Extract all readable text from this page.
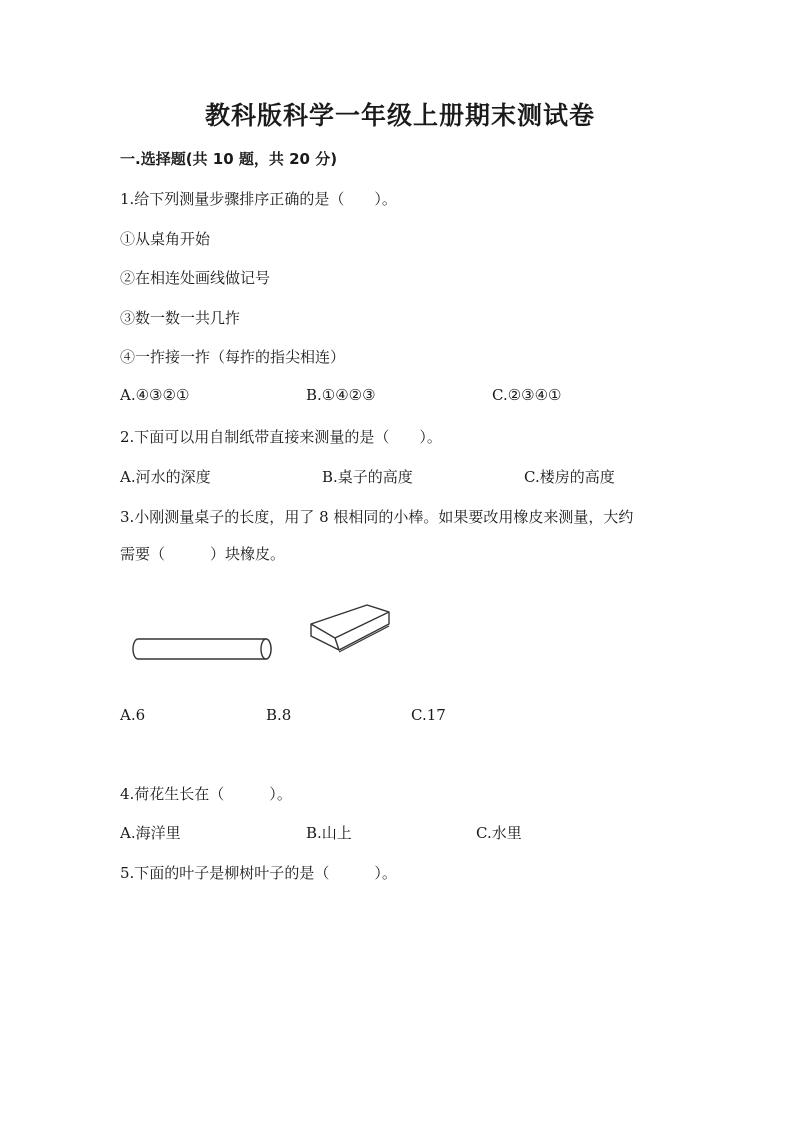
教科版科学一年级上册期末测试卷
一.选择题(共 10 题，共 20 分)
1.给下列测量步骤排序正确的是（　　）。
①从桌角开始
②在相连处画线做记号
③数一数一共几拃
④一拃接一拃（每拃的指尖相连）
A.④③②①	B.①④②③	C.②③④①
2.下面可以用自制纸带直接来测量的是（　　）。
A.河水的深度	B.桌子的高度	C.楼房的高度
3.小刚测量桌子的长度，用了 8 根相同的小棒。如果要改用橡皮来测量，大约
需要（　　　）块橡皮。
A.6	B.8	C.17
4.荷花生长在（　　　）。
A.海洋里	B.山上	C.水里
5.下面的叶子是柳树叶子的是（　　　）。
